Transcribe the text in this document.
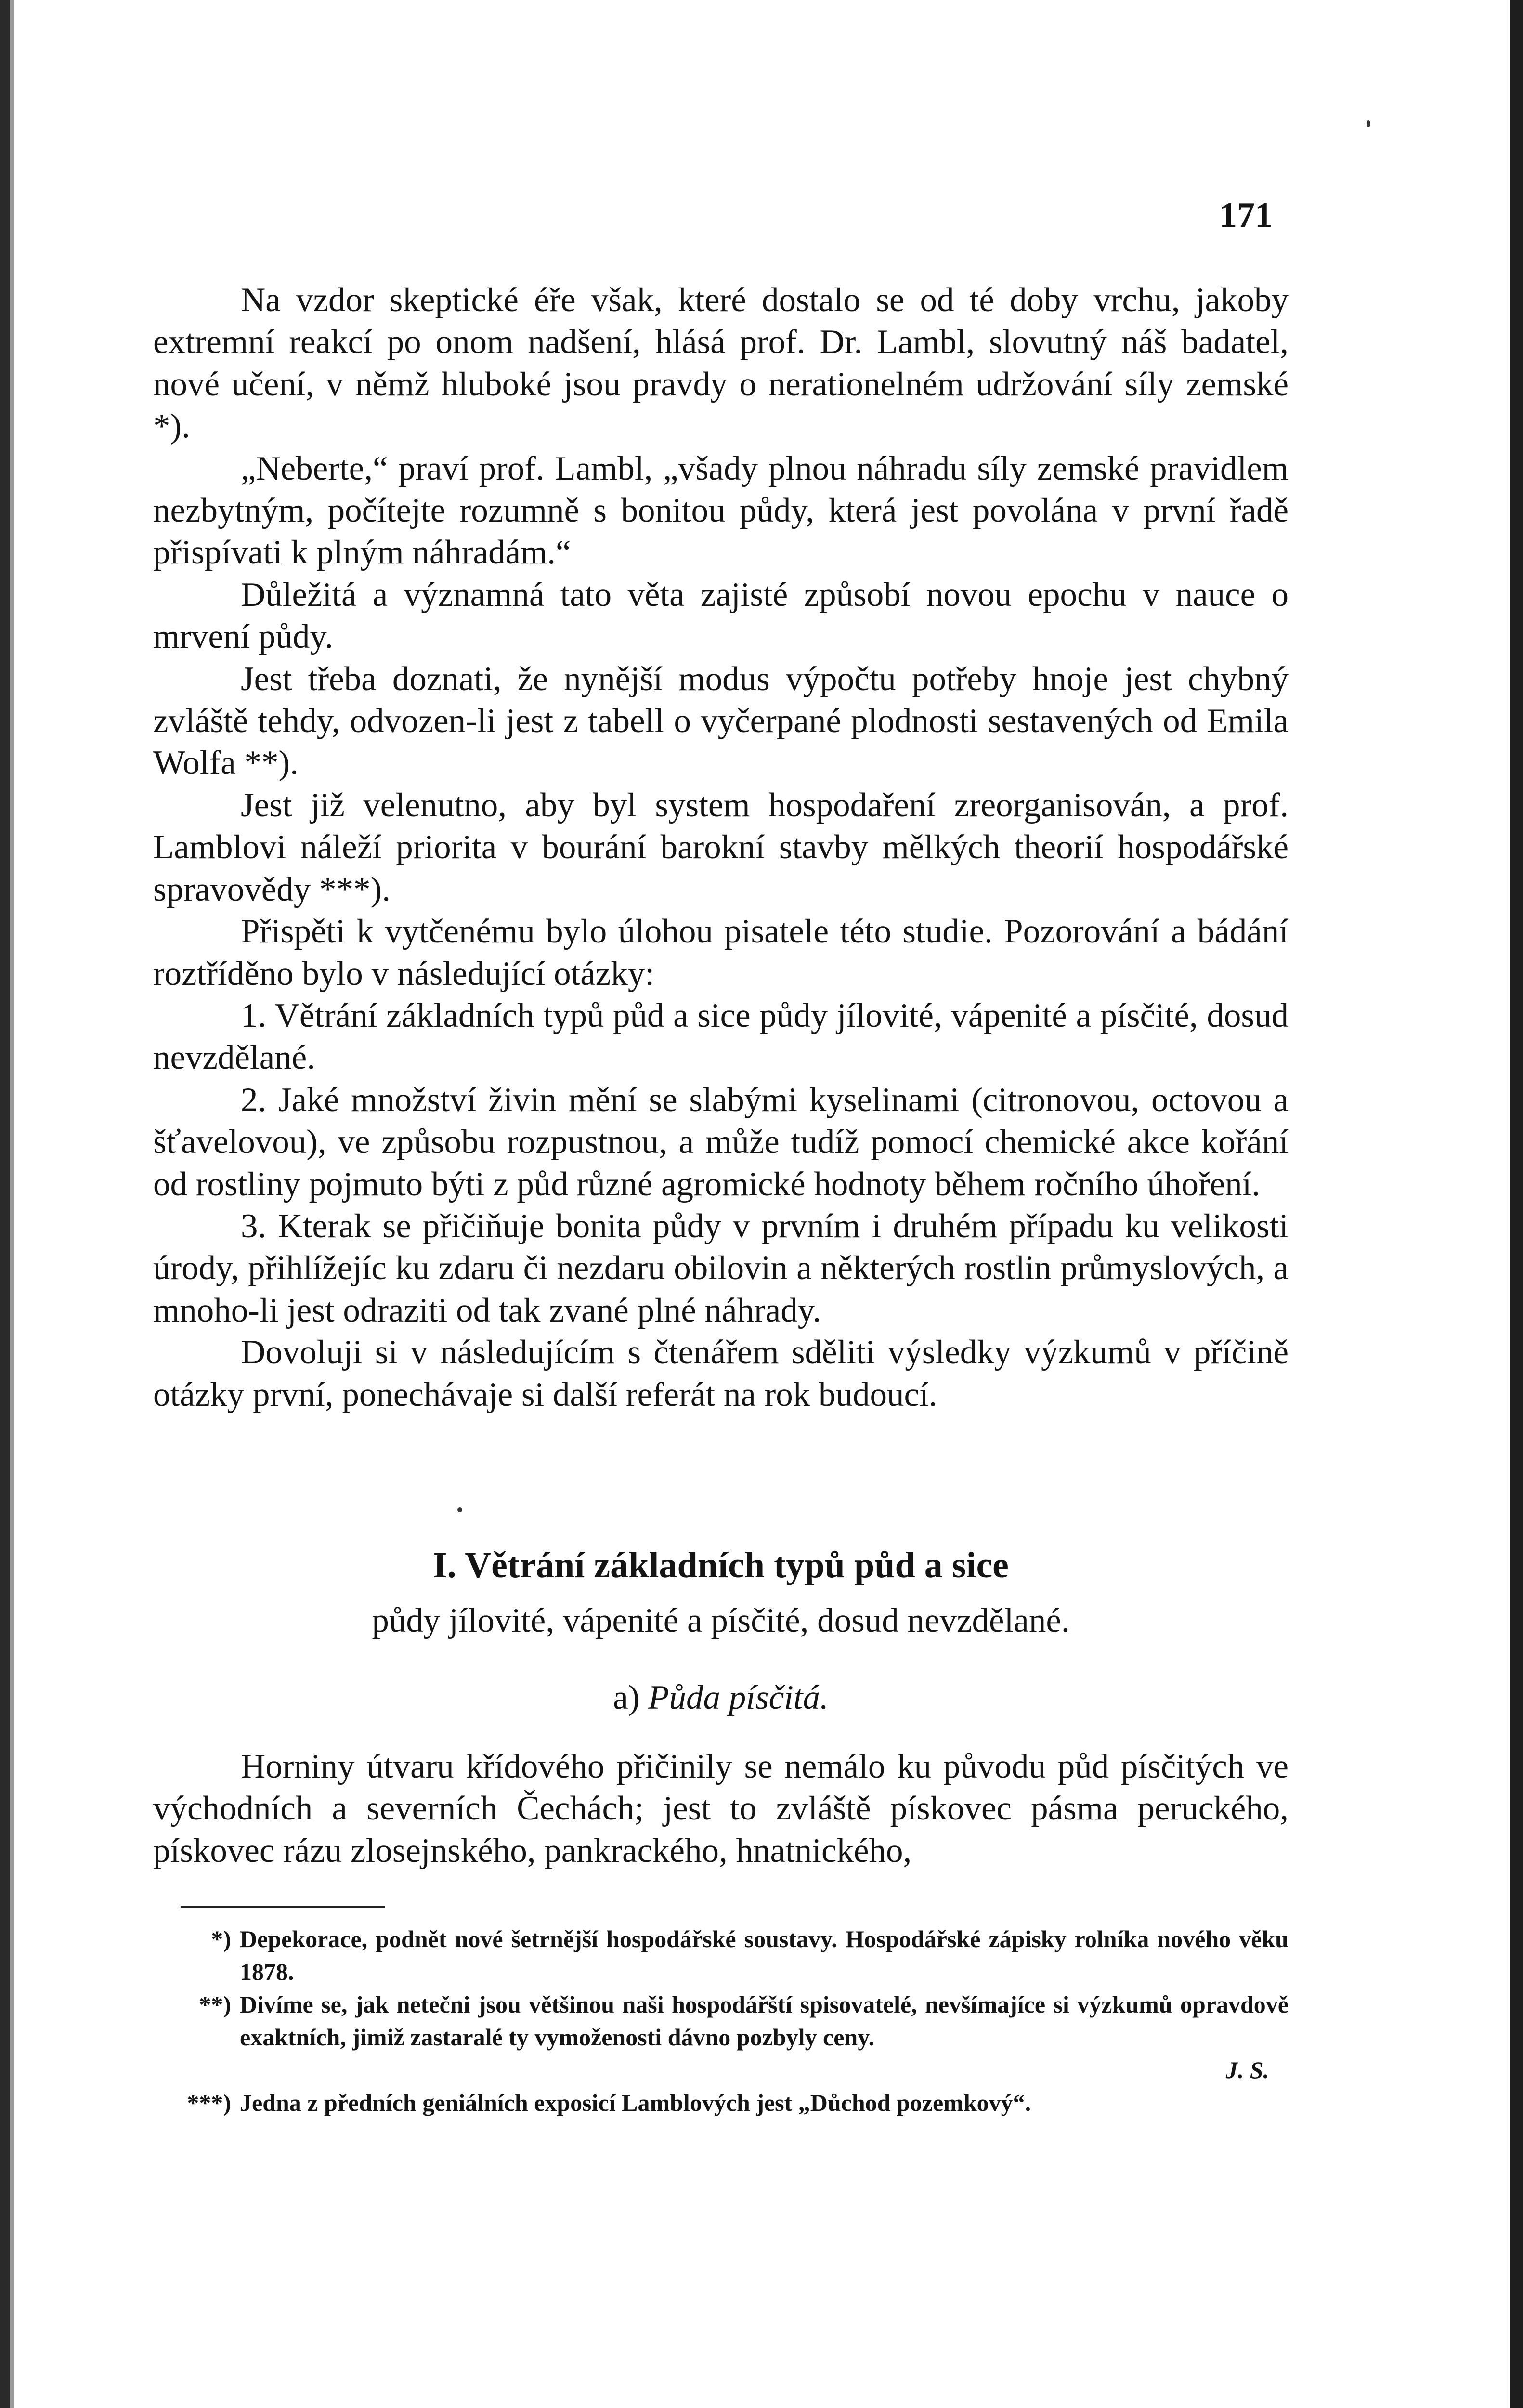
171

Na vzdor skeptické éře však, které dostalo se od té doby vrchu, jakoby extremní reakcí po onom nadšení, hlásá prof. Dr. Lambl, slovutný náš badatel, nové učení, v němž hluboké jsou pravdy o nerationelném udržování síly zemské *).

„Neberte,“ praví prof. Lambl, „všady plnou náhradu síly zemské pravidlem nezbytným, počítejte rozumně s bonitou půdy, která jest povolána v první řadě přispívati k plným náhradám.“

Důležitá a významná tato věta zajisté způsobí novou epochu v nauce o mrvení půdy.

Jest třeba doznati, že nynější modus výpočtu potřeby hnoje jest chybný zvláště tehdy, odvozen-li jest z tabell o vyčerpané plodnosti sestavených od Emila Wolfa **).

Jest již velenutno, aby byl system hospodaření zreorganisován, a prof. Lamblovi náleží priorita v bourání barokní stavby mělkých theorií hospodářské spravovědy ***).

Přispěti k vytčenému bylo úlohou pisatele této studie. Pozorování a bádání roztříděno bylo v následující otázky:

1. Větrání základních typů půd a sice půdy jílovité, vápenité a písčité, dosud nevzdělané.

2. Jaké množství živin mění se slabými kyselinami (citronovou, octovou a šťavelovou), ve způsobu rozpustnou, a může tudíž pomocí chemické akce kořání od rostliny pojmuto býti z půd různé agromické hodnoty během ročního úhoření.

3. Kterak se přičiňuje bonita půdy v prvním i druhém případu ku velikosti úrody, přihlížejíc ku zdaru či nezdaru obilovin a některých rostlin průmyslových, a mnoho-li jest odraziti od tak zvané plné náhrady.

Dovoluji si v následujícím s čtenářem sděliti výsledky výzkumů v příčině otázky první, ponechávaje si další referát na rok budoucí.

I. Větrání základních typů půd a sice
půdy jílovité, vápenité a písčité, dosud nevzdělané.
a) Půda písčitá.

Horniny útvaru křídového přičinily se nemálo ku původu půd písčitých ve východních a severních Čechách; jest to zvláště pískovec pásma peruckého, pískovec rázu zlosejnského, pankrackého, hnatnického,

*) Depekorace, podnět nové šetrnější hospodářské soustavy. Hospodářské zápisky rolníka nového věku 1878.
**) Divíme se, jak netečni jsou většinou naši hospodářští spisovatelé, nevšímajíce si výzkumů opravdově exaktních, jimiž zastaralé ty vymoženosti dávno pozbyly ceny.
J. S.
***) Jedna z předních geniálních exposicí Lamblových jest „Důchod pozemkový“.
